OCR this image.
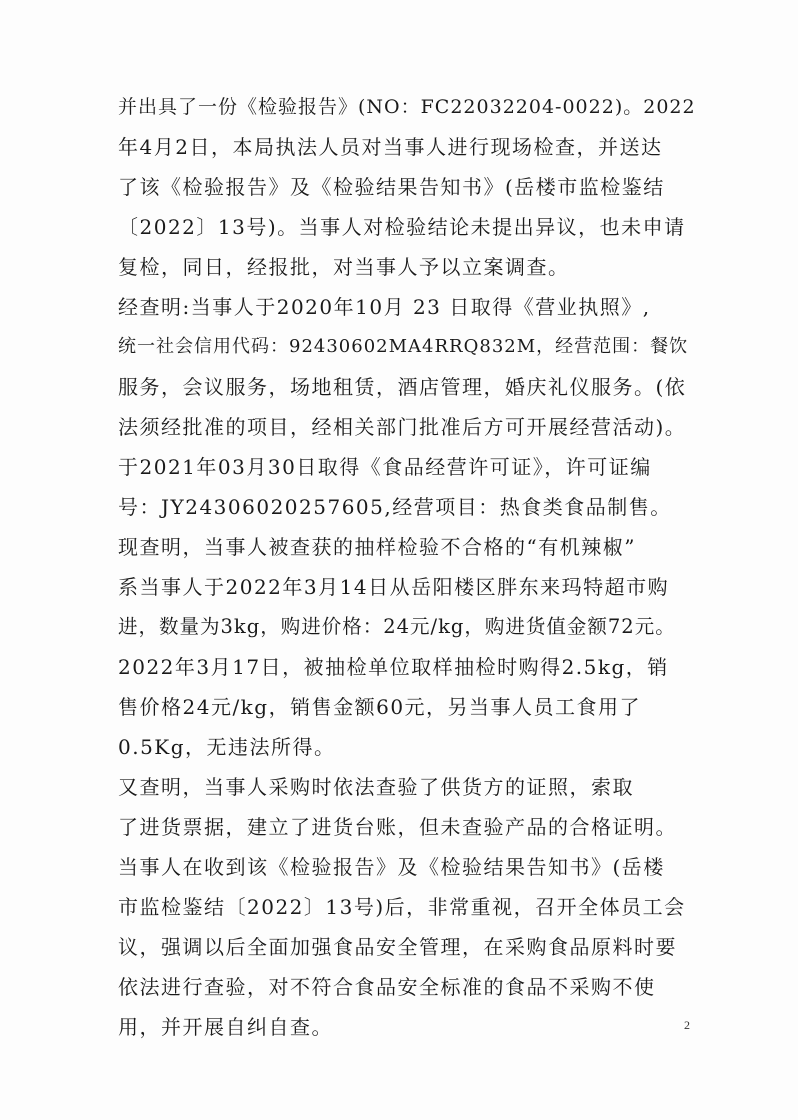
并出具了一份《检验报告》(NO：FC22032204-0022)。2022
年4月2日，本局执法人员对当事人进行现场检查，并送达
了该《检验报告》及《检验结果告知书》(岳楼市监检鉴结
〔2022〕13号)。当事人对检验结论未提出异议，也未申请
复检，同日，经报批，对当事人予以立案调查。
经查明:当事人于2020年10月 23 日取得《营业执照》,
统一社会信用代码：92430602MA4RRQ832M，经营范围：餐饮
服务，会议服务，场地租赁，酒店管理，婚庆礼仪服务。(依
法须经批准的项目，经相关部门批准后方可开展经营活动)。
于2021年03月30日取得《食品经营许可证》，许可证编
号：JY24306020257605,经营项目：热食类食品制售。
现查明，当事人被查获的抽样检验不合格的“有机辣椒”
系当事人于2022年3月14日从岳阳楼区胖东来玛特超市购
进，数量为3kg，购进价格：24元/kg，购进货值金额72元。
2022年3月17日，被抽检单位取样抽检时购得2.5kg，销
售价格24元/kg，销售金额60元，另当事人员工食用了
0.5Kg，无违法所得。
又查明，当事人采购时依法查验了供货方的证照，索取
了进货票据，建立了进货台账，但未查验产品的合格证明。
当事人在收到该《检验报告》及《检验结果告知书》(岳楼
市监检鉴结〔2022〕13号)后，非常重视，召开全体员工会
议，强调以后全面加强食品安全管理，在采购食品原料时要
依法进行查验，对不符合食品安全标准的食品不采购不使
用，并开展自纠自查。	2
